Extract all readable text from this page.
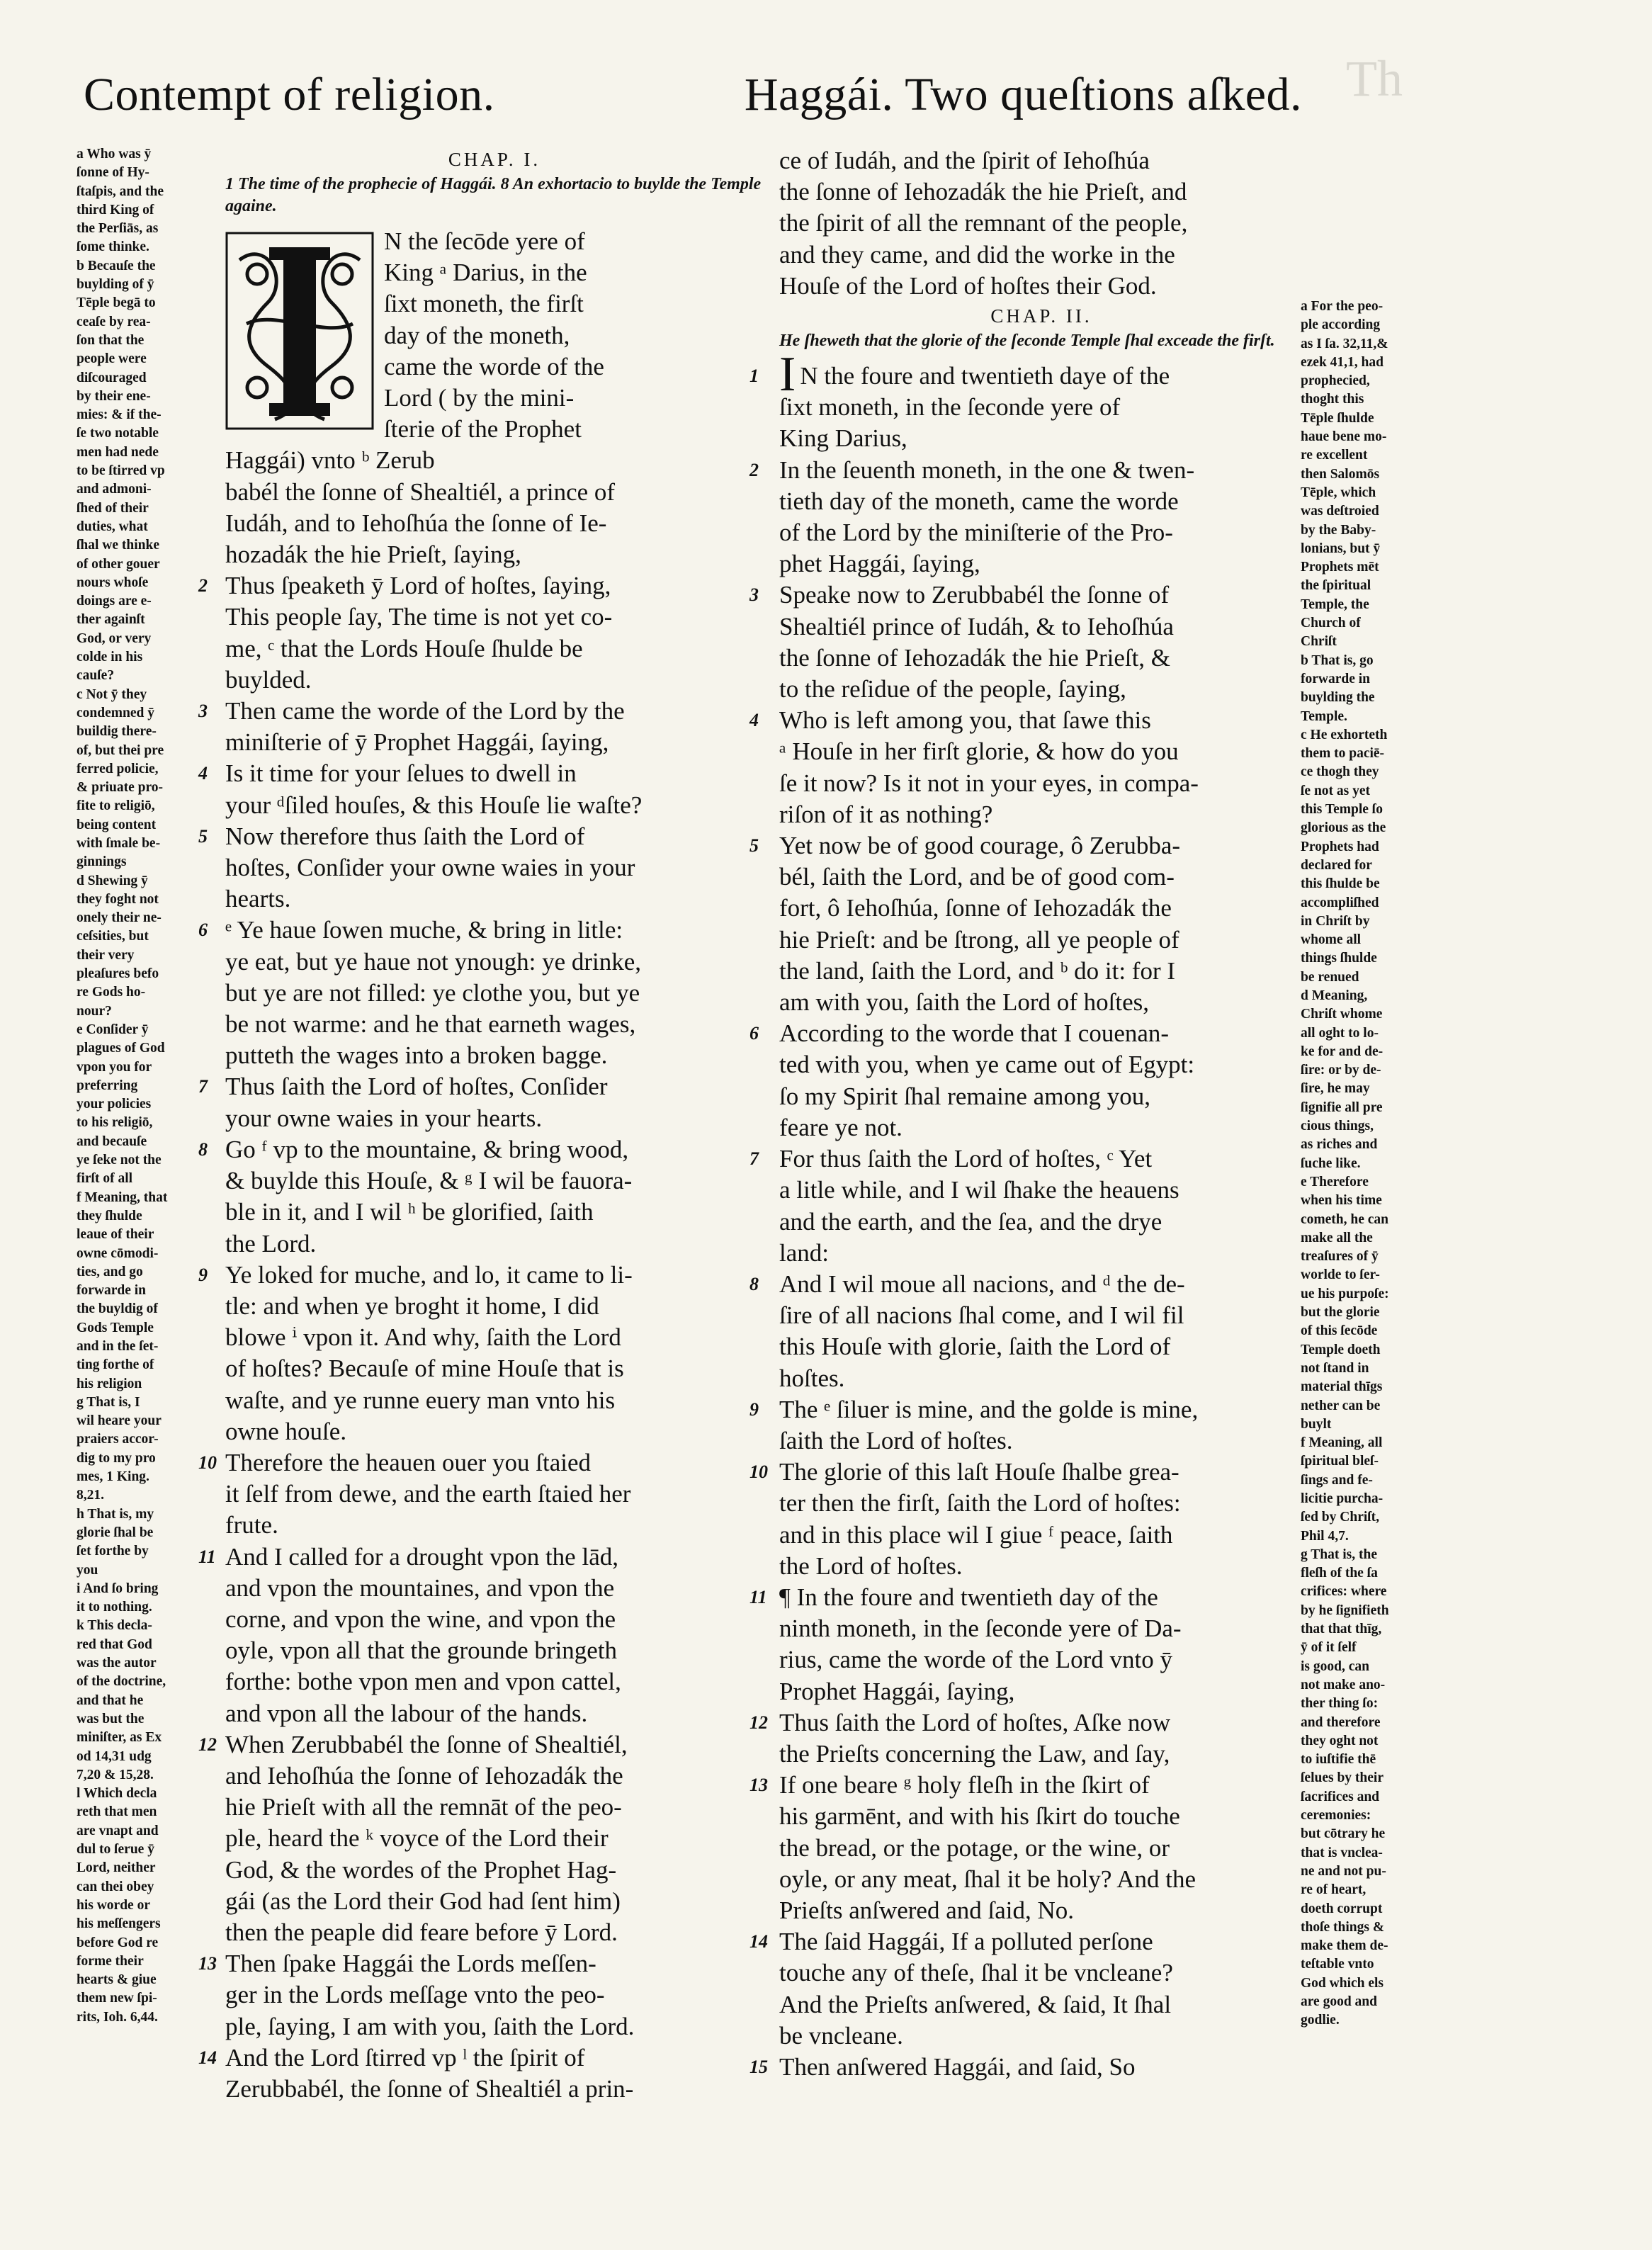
Contempt of religion.	Haggái. Two queſtions aſked. Th

a Who was ȳ
ſonne of Hy-
ſtaſpis, and the
third King of
the Perſiās, as
ſome thinke.

b Becauſe the
buylding of ȳ
Tēple begā to
ceaſe by rea-
ſon that the
people were
diſcouraged
by their ene-
mies: & if the-
ſe two notable
men had nede
to be ſtirred vp
and admoni-
ſhed of their
duties, what
ſhal we thinke
of other gouer
nours whoſe
doings are e-
ther againſt
God, or very
colde in his
cauſe?

c Not ȳ they
condemned ȳ
buildig there-
of, but thei pre
ferred policie,
& priuate pro-
fite to religiō,
being content
with ſmale be-
ginnings

d Shewing ȳ
they foght not
onely their ne-
ceſsities, but
their very
pleaſures befo
re Gods ho-
nour?

e Conſider ȳ
plagues of God
vpon you for
preferring
your policies
to his religiō,
and becauſe
ye ſeke not the
firſt of all

f Meaning, that
they ſhulde
leaue of their
owne cōmodi-
ties, and go
forwarde in
the buyldig of
Gods Temple
and in the ſet-
ting forthe of
his religion

g That is, I
wil heare your
praiers accor-
dig to my pro
mes, 1 King.
8,21.

h That is, my
glorie ſhal be
ſet forthe by
you

i And ſo bring
it to nothing.

k This decla-
red that God
was the autor
of the doctrine,
and that he
was but the
miniſter, as Ex
od 14,31 udg
7,20 & 15,28.

l Which decla
reth that men
are vnapt and
dul to ſerue ȳ
Lord, neither
can thei obey
his worde or
his meſſengers
before God re
forme their
hearts & giue
them new ſpi-
rits, Ioh. 6,44.

CHAP. I.

1 The time of the prophecie of Haggái. 8 An exhortacio to buylde the Temple againe.

N the ſecōde yere of

King ᵃ Darius, in the

ſixt moneth, the firſt

day of the moneth,

came the worde of the

Lord ( by the mini-

ſterie of the Prophet

Haggái) vnto ᵇ Zerub

babél the ſonne of Shealtiél, a prince of

Iudáh, and to Iehoſhúa the ſonne of Ie-

hozadák the hie Prieſt, ſaying,

2 Thus ſpeaketh ȳ Lord of hoſtes, ſaying,

This people ſay, The time is not yet co-

me, ᶜ that the Lords Houſe ſhulde be

buylded.

3 Then came the worde of the Lord by the

miniſterie of ȳ Prophet Haggái, ſaying,

4 Is it time for your ſelues to dwell in

your ᵈſiled houſes, & this Houſe lie waſte?

5 Now therefore thus ſaith the Lord of

hoſtes, Conſider your owne waies in your

hearts.

6 ᵉ Ye haue ſowen muche, & bring in litle:

ye eat, but ye haue not ynough: ye drinke,

but ye are not filled: ye clothe you, but ye

be not warme: and he that earneth wages,

putteth the wages into a broken bagge.

7 Thus ſaith the Lord of hoſtes, Conſider

your owne waies in your hearts.

8 Go ᶠ vp to the mountaine, & bring wood,

& buylde this Houſe, & ᵍ I wil be fauora-

ble in it, and I wil ʰ be glorified, ſaith

the Lord.

9 Ye loked for muche, and lo, it came to li-

tle: and when ye broght it home, I did

blowe ⁱ vpon it. And why, ſaith the Lord

of hoſtes? Becauſe of mine Houſe that is

waſte, and ye runne euery man vnto his

owne houſe.

10 Therefore the heauen ouer you ſtaied

it ſelf from dewe, and the earth ſtaied her

frute.

11 And I called for a drought vpon the lād,

and vpon the mountaines, and vpon the

corne, and vpon the wine, and vpon the

oyle, vpon all that the grounde bringeth

forthe: bothe vpon men and vpon cattel,

and vpon all the labour of the hands.

12 When Zerubbabél the ſonne of Shealtiél,

and Iehoſhúa the ſonne of Iehozadák the

hie Prieſt with all the remnāt of the peo-

ple, heard the ᵏ voyce of the Lord their

God, & the wordes of the Prophet Hag-

gái (as the Lord their God had ſent him)

then the peaple did feare before ȳ Lord.

13 Then ſpake Haggái the Lords meſſen-

ger in the Lords meſſage vnto the peo-

ple, ſaying, I am with you, ſaith the Lord.

14 And the Lord ſtirred vp ˡ the ſpirit of

Zerubbabél, the ſonne of Shealtiél a prin-

ce of Iudáh, and the ſpirit of Iehoſhúa

the ſonne of Iehozadák the hie Prieſt, and

the ſpirit of all the remnant of the people,

and they came, and did the worke in the

Houſe of the Lord of hoſtes their God.

CHAP. II.

He ſheweth that the glorie of the ſeconde Temple ſhal exceade the firſt.

I

1 N the foure and twentieth daye of the

ſixt moneth, in the ſeconde yere of

King Darius,

2 In the ſeuenth moneth, in the one & twen-

tieth day of the moneth, came the worde

of the Lord by the miniſterie of the Pro-

phet Haggái, ſaying,

3 Speake now to Zerubbabél the ſonne of

Shealtiél prince of Iudáh, & to Iehoſhúa

the ſonne of Iehozadák the hie Prieſt, &

to the reſidue of the people, ſaying,

4 Who is left among you, that ſawe this

ᵃ Houſe in her firſt glorie, & how do you

ſe it now? Is it not in your eyes, in compa-

riſon of it as nothing?

5 Yet now be of good courage, ô Zerubba-

bél, ſaith the Lord, and be of good com-

fort, ô Iehoſhúa, ſonne of Iehozadák the

hie Prieſt: and be ſtrong, all ye people of

the land, ſaith the Lord, and ᵇ do it: for I

am with you, ſaith the Lord of hoſtes,

6 According to the worde that I couenan-

ted with you, when ye came out of Egypt:

ſo my Spirit ſhal remaine among you,

feare ye not.

7 For thus ſaith the Lord of hoſtes, ᶜ Yet

a litle while, and I wil ſhake the heauens

and the earth, and the ſea, and the drye

land:

8 And I wil moue all nacions, and ᵈ the de-

ſire of all nacions ſhal come, and I wil fil

this Houſe with glorie, ſaith the Lord of

hoſtes.

9 The ᵉ ſiluer is mine, and the golde is mine,

ſaith the Lord of hoſtes.

10 The glorie of this laſt Houſe ſhalbe grea-

ter then the firſt, ſaith the Lord of hoſtes:

and in this place wil I giue ᶠ peace, ſaith

the Lord of hoſtes.

11 ¶ In the foure and twentieth day of the

ninth moneth, in the ſeconde yere of Da-

rius, came the worde of the Lord vnto ȳ

Prophet Haggái, ſaying,

12 Thus ſaith the Lord of hoſtes, Aſke now

the Prieſts concerning the Law, and ſay,

13 If one beare ᵍ holy fleſh in the ſkirt of

his garmēnt, and with his ſkirt do touche

the bread, or the potage, or the wine, or

oyle, or any meat, ſhal it be holy? And the

Prieſts anſwered and ſaid, No.

14 The ſaid Haggái, If a polluted perſone

touche any of theſe, ſhal it be vncleane?

And the Prieſts anſwered, & ſaid, It ſhal

be vncleane.

15 Then anſwered Haggái, and ſaid, So

a For the peo-
ple according
as I ſa. 32,11,&
ezek 41,1, had
prophecied,
thoght this
Tēple ſhulde
haue bene mo-
re excellent
then Salomōs
Tēple, which
was deſtroied
by the Baby-
lonians, but ȳ
Prophets mēt
the ſpiritual
Temple, the
Church of
Chriſt

b That is, go
forwarde in
buylding the
Temple.

c He exhorteth
them to paciē-
ce thogh they
ſe not as yet
this Temple ſo
glorious as the
Prophets had
declared for
this ſhulde be
accompliſhed
in Chriſt by
whome all
things ſhulde
be renued

d Meaning,
Chriſt whome
all oght to lo-
ke for and de-
ſire: or by de-
ſire, he may
ſignifie all pre
cious things,
as riches and
ſuche like.

e Therefore
when his time
cometh, he can
make all the
treaſures of ȳ
worlde to ſer-
ue his purpoſe:
but the glorie
of this ſecōde
Temple doeth
not ſtand in
material thīgs
nether can be
buylt

f Meaning, all
ſpiritual bleſ-
ſings and fe-
licitie purcha-
ſed by Chriſt,
Phil 4,7.

g That is, the
fleſh of the ſa
crifices: where
by he ſignifieth
that that thīg,
ȳ of it ſelf
is good, can
not make ano-
ther thing ſo:
and therefore
they oght not
to iuſtifie thē
ſelues by their
ſacrifices and
ceremonies:
but cōtrary he
that is vnclea-
ne and not pu-
re of heart,
doeth corrupt
thoſe things &
make them de-
teſtable vnto
God which els
are good and
godlie.
